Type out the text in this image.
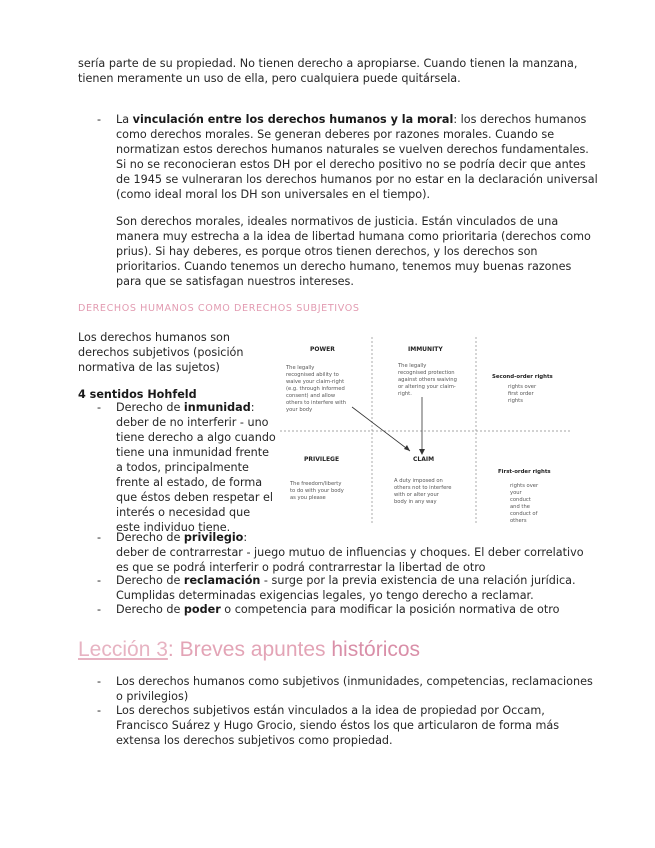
sería parte de su propiedad. No tienen derecho a apropiarse. Cuando tienen la manzana,

tienen meramente un uso de ella, pero cualquiera puede quitársela.

- La vinculación entre los derechos humanos y la moral: los derechos humanos

como derechos morales. Se generan deberes por razones morales. Cuando se

normatizan estos derechos humanos naturales se vuelven derechos fundamentales.

Si no se reconocieran estos DH por el derecho positivo no se podría decir que antes

de 1945 se vulneraran los derechos humanos por no estar en la declaración universal

(como ideal moral los DH son universales en el tiempo).

Son derechos morales, ideales normativos de justicia. Están vinculados de una

manera muy estrecha a la idea de libertad humana como prioritaria (derechos como

prius). Si hay deberes, es porque otros tienen derechos, y los derechos son

prioritarios. Cuando tenemos un derecho humano, tenemos muy buenas razones

para que se satisfagan nuestros intereses.

DERECHOS HUMANOS COMO DERECHOS SUBJETIVOS

Los derechos humanos son

derechos subjetivos (posición

normativa de las sujetos)

4 sentidos Hohfeld

- Derecho de inmunidad:

deber de no interferir - uno

tiene derecho a algo cuando

tiene una inmunidad frente

a todos, principalmente

frente al estado, de forma

que éstos deben respetar el

interés o necesidad que

este individuo tiene.

- Derecho de privilegio:

deber de contrarrestar - juego mutuo de influencias y choques. El deber correlativo

es que se podrá interferir o podrá contrarrestar la libertad de otro

- Derecho de reclamación - surge por la previa existencia de una relación jurídica.

Cumplidas determinadas exigencias legales, yo tengo derecho a reclamar.

- Derecho de poder o competencia para modificar la posición normativa de otro

POWER
The legally
recognised ability to
waive your claim-right
(e.g. through informed
consent) and allow
others to interfere with
your body
IMMUNITY
The legally
recognised protection
against others waiving
or altering your claim-
right.
Second-order rights
rights over
first order
rights
PRIVILEGE
The freedom/liberty
to do with your body
as you please
CLAIM
A duty imposed on
others not to interfere
with or alter your
body in any way
First-order rights
rights over
your
conduct
and the
conduct of
others
Lección 3: Breves apuntes históricos
- Los derechos humanos como subjetivos (inmunidades, competencias, reclamaciones

o privilegios)

- Los derechos subjetivos están vinculados a la idea de propiedad por Occam,

Francisco Suárez y Hugo Grocio, siendo éstos los que articularon de forma más

extensa los derechos subjetivos como propiedad.
